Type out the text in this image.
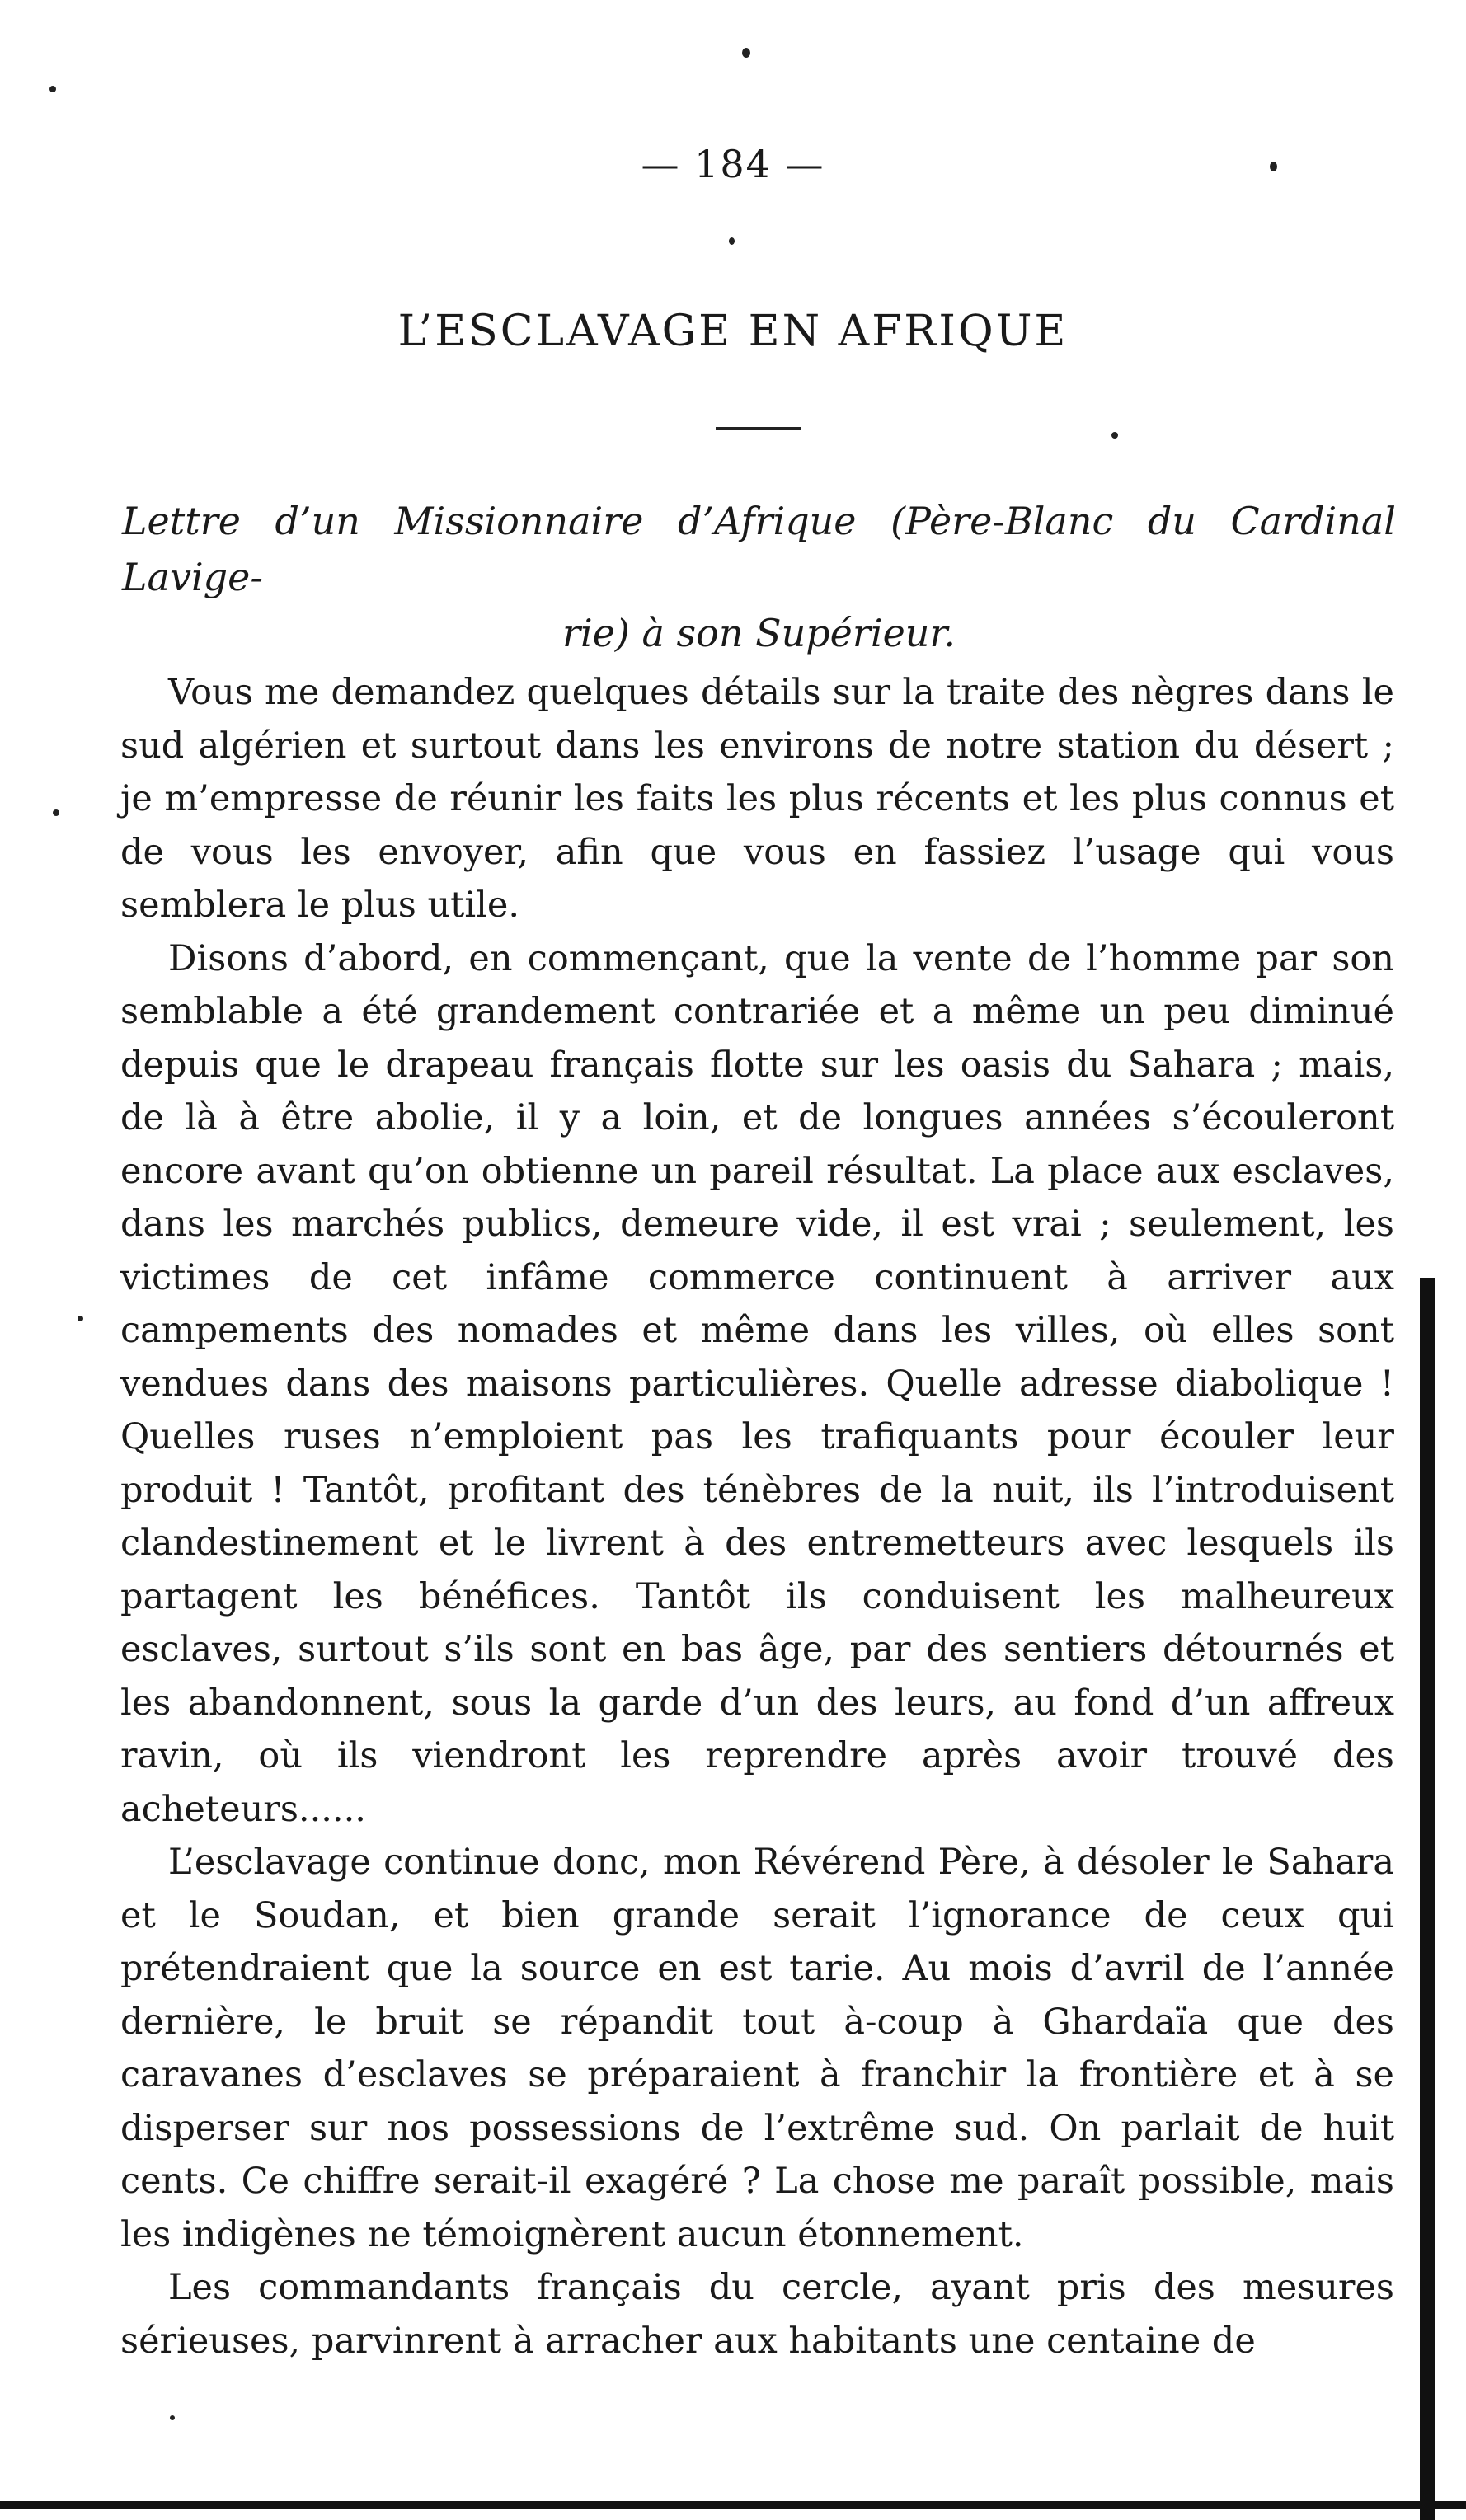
— 184 —
L’ESCLAVAGE EN AFRIQUE

Lettre d’un Missionnaire d’Afrique (Père-Blanc du Cardinal Lavige-
rie) à son Supérieur.

Vous me demandez quelques détails sur la traite des nègres dans le sud algérien et surtout dans les environs de notre station du désert ; je m’empresse de réunir les faits les plus récents et les plus connus et de vous les envoyer, afin que vous en fassiez l’usage qui vous semblera le plus utile.

Disons d’abord, en commençant, que la vente de l’homme par son semblable a été grandement contrariée et a même un peu diminué depuis que le drapeau français flotte sur les oasis du Sahara ; mais, de là à être abolie, il y a loin, et de longues années s’écouleront encore avant qu’on obtienne un pareil résultat. La place aux esclaves, dans les marchés publics, demeure vide, il est vrai ; seulement, les victimes de cet infâme commerce continuent à arriver aux campements des nomades et même dans les villes, où elles sont vendues dans des maisons particulières. Quelle adresse diabolique ! Quelles ruses n’emploient pas les trafiquants pour écouler leur produit ! Tantôt, profitant des ténèbres de la nuit, ils l’introduisent clandestinement et le livrent à des entremetteurs avec lesquels ils partagent les bénéfices. Tantôt ils conduisent les malheureux esclaves, surtout s’ils sont en bas âge, par des sentiers détournés et les abandonnent, sous la garde d’un des leurs, au fond d’un affreux ravin, où ils viendront les reprendre après avoir trouvé des acheteurs......

L’esclavage continue donc, mon Révérend Père, à désoler le Sahara et le Soudan, et bien grande serait l’ignorance de ceux qui prétendraient que la source en est tarie. Au mois d’avril de l’année dernière, le bruit se répandit tout à-coup à Ghardaïa que des caravanes d’esclaves se préparaient à franchir la frontière et à se disperser sur nos possessions de l’extrême sud. On parlait de huit cents. Ce chiffre serait-il exagéré ? La chose me paraît possible, mais les indigènes ne témoignèrent aucun étonnement.

Les commandants français du cercle, ayant pris des mesures sérieuses, parvinrent à arracher aux habitants une centaine de
